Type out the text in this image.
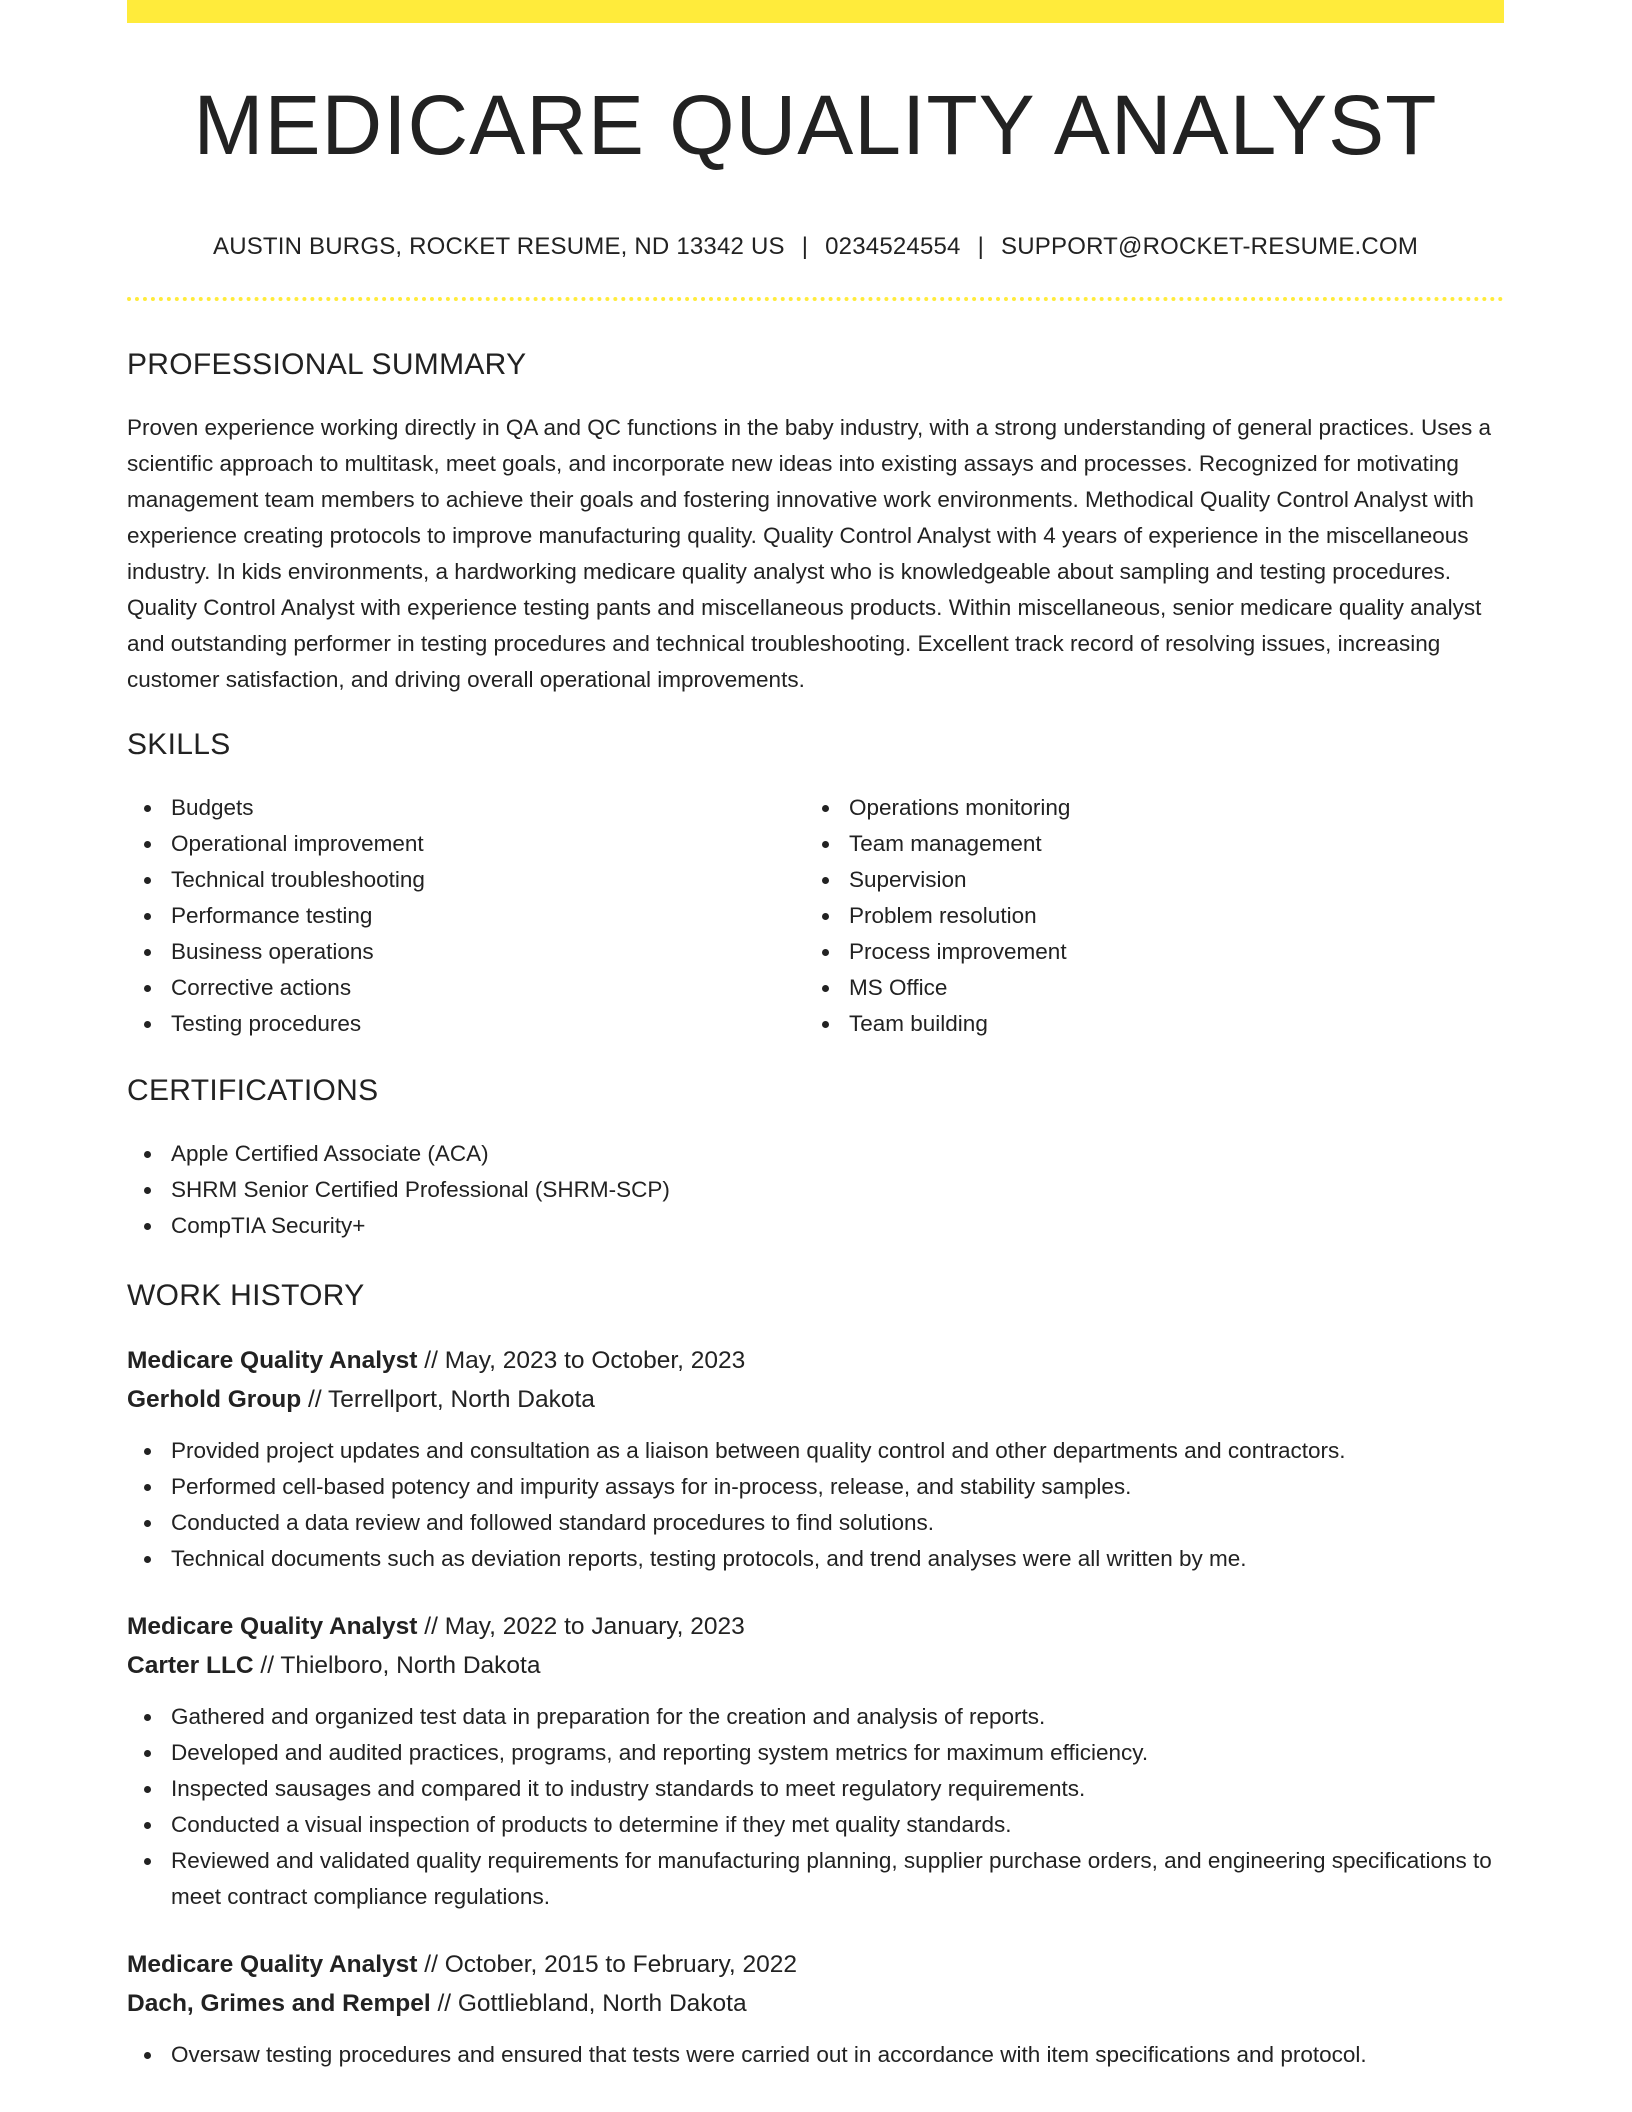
MEDICARE QUALITY ANALYST
AUSTIN BURGS, ROCKET RESUME, ND 13342 US | 0234524554 | SUPPORT@ROCKET-RESUME.COM
PROFESSIONAL SUMMARY

Proven experience working directly in QA and QC functions in the baby industry, with a strong understanding of general practices. Uses a scientific approach to multitask, meet goals, and incorporate new ideas into existing assays and processes. Recognized for motivating management team members to achieve their goals and fostering innovative work environments. Methodical Quality Control Analyst with experience creating protocols to improve manufacturing quality. Quality Control Analyst with 4 years of experience in the miscellaneous industry. In kids environments, a hardworking medicare quality analyst who is knowledgeable about sampling and testing procedures. Quality Control Analyst with experience testing pants and miscellaneous products. Within miscellaneous, senior medicare quality analyst and outstanding performer in testing procedures and technical troubleshooting. Excellent track record of resolving issues, increasing customer satisfaction, and driving overall operational improvements.

SKILLS
Budgets
Operational improvement
Technical troubleshooting
Performance testing
Business operations
Corrective actions
Testing procedures
Operations monitoring
Team management
Supervision
Problem resolution
Process improvement
MS Office
Team building
CERTIFICATIONS
Apple Certified Associate (ACA)
SHRM Senior Certified Professional (SHRM-SCP)
CompTIA Security+
WORK HISTORY
Medicare Quality Analyst // May, 2023 to October, 2023
Gerhold Group // Terrellport, North Dakota
Provided project updates and consultation as a liaison between quality control and other departments and contractors.
Performed cell-based potency and impurity assays for in-process, release, and stability samples.
Conducted a data review and followed standard procedures to find solutions.
Technical documents such as deviation reports, testing protocols, and trend analyses were all written by me.
Medicare Quality Analyst // May, 2022 to January, 2023
Carter LLC // Thielboro, North Dakota
Gathered and organized test data in preparation for the creation and analysis of reports.
Developed and audited practices, programs, and reporting system metrics for maximum efficiency.
Inspected sausages and compared it to industry standards to meet regulatory requirements.
Conducted a visual inspection of products to determine if they met quality standards.
Reviewed and validated quality requirements for manufacturing planning, supplier purchase orders, and engineering specifications to meet contract compliance regulations.
Medicare Quality Analyst // October, 2015 to February, 2022
Dach, Grimes and Rempel // Gottliebland, North Dakota
Oversaw testing procedures and ensured that tests were carried out in accordance with item specifications and protocol.
